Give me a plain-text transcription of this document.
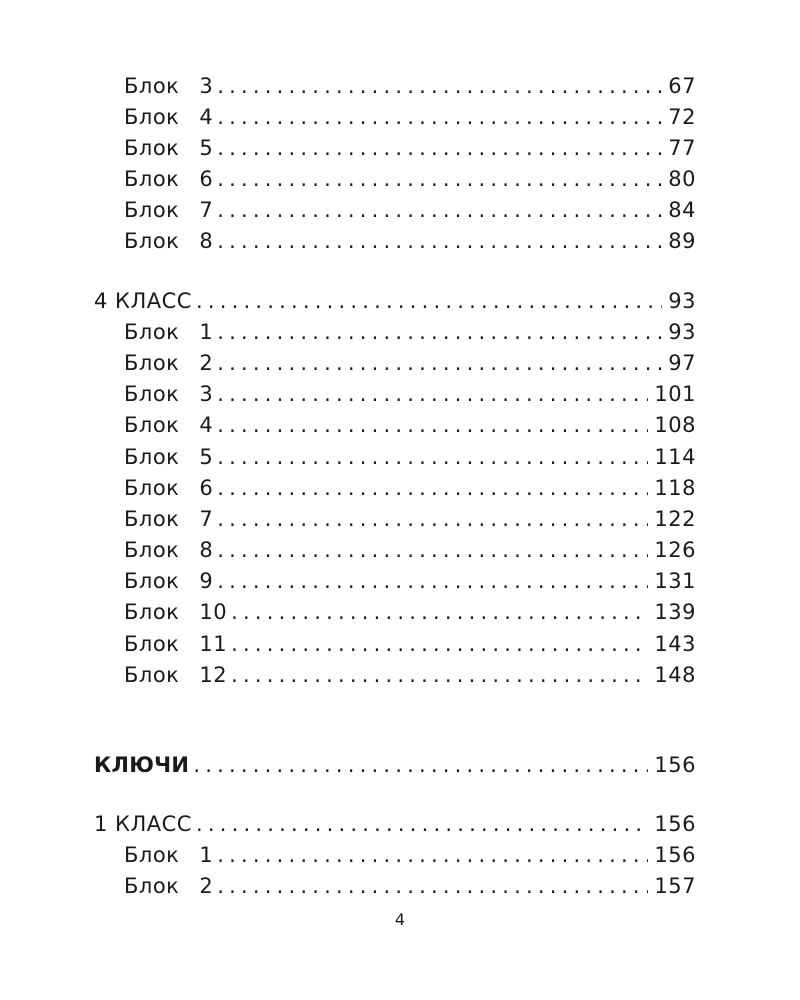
Блок 3 .....	67
Блок 4 .....	72
Блок 5 .....	77
Блок 6 .....	80
Блок 7 .....	84
Блок 8 .....	89
4 КЛАСС .....	93
Блок 1 .....	93
Блок 2 .....	97
Блок 3 .....	101
Блок 4 .....	108
Блок 5 .....	114
Блок 6 .....	118
Блок 7 .....	122
Блок 8 .....	126
Блок 9 .....	131
Блок 10 .....	139
Блок 11 .....	143
Блок 12 .....	148
КЛЮЧИ .....	156
1 КЛАСС .....	156
Блок 1 .....	156
Блок 2 .....	157
4
